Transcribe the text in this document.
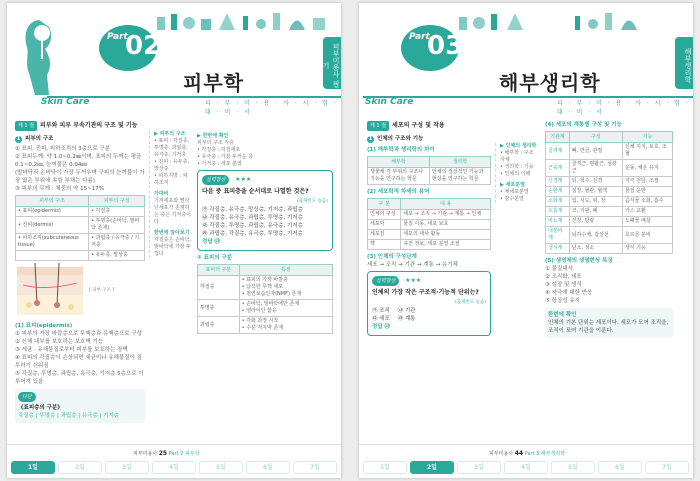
Part
02
피부학	피부미용사 필기
Skin Care	피 · 부 · 미 · 용 · 사 · 시 · 험 · 대 · 비 · 서
제 1 절	피부와 피부 부속기관의 구조 및 기능
1 피부의 구조

① 표피, 진피, 피하조직의 3층으로 구분

② 표피두께: 약 1.0~0.2㎜이며, 표피의 두께는 평균 0.1~0.2㎜, 눈꺼풀은 0.04㎜

(발바닥과 손바닥이 가장 두꺼우며 구피의 눈꺼풀이 가장 얇은 부위에 속함 부채는 다름)

③ 피부의 무게 : 체중의 약 15~17%

피부의 구조	피부의 구성
• 표피(epidermis)	• 각질층
• 진피(dermis)	• 투명층(손바닥, 발바닥 존재)
• 피하조직(subcutaneous tissue)	• 과립층 / 유극층 / 기저층
	• 유두층, 망상층
[ 피부 구조 ]
(1) 표피(epidermis)

① 피부의 가장 바깥층으로 무핵층과 유핵층으로 구성

② 신체 내부를 보호하는 보호벽 기능

③ 세균 · 유해물질로부터 피부를 보호하는 장벽

④ 표피의 각질층이 손상되면 세균이나 유해물질이 침투하기 쉬워짐

⑤ 각질층, 투명층, 과립층, 유극층, 기저층 5층으로 이루어져 있음

다단
《표피층의 구분》
각질층 | 투명층 | 과립층 | 유극층 | 기저층
▶ 피부의 구조
• 표피 : 각질층, 투명층, 과립층, 유극층, 기저층
• 진피 : 유두층, 망상층
• 피하지방 : 피하조직
가대비
기저세포와 멜라닌세포가 존재하는 층은 기저층이다
한번에 알아보기
각질층은 손바닥, 발바닥에 가장 두껍다
▶ 한번에 확인
피부의 구조 각층
• 각질층 : 각질세포
• 유극층 : 가장 두꺼운 층
• 기저층 : 세포 분열
실력향상 ★★★
다음 중 표피층을 순서대로 나열한 것은?
(출제빈도 높음)
㉮ 각질층, 유극층, 망상층, 기저층, 과립층
㉯ 각질층, 유극층, 과립층, 투명층, 기저층
㉰ 각질층, 투명층, 과립층, 유극층, 기저층
㉱ 과립층, 각질층, 유극층, 투명층, 기저층
정답 ㉰
③ 표피의 구분
표피의 구분	특징
각질층	• 표피의 가장 바깥층
• 납작한 무핵 세포
• 천연보습인자(NMF) 존재
투명층	• 손바닥, 발바닥에만 존재
• 엘라이딘 함유
과립층	• 각화 과정 시작
• 수분 저지막 존재
피부미용사 25 Part 2 피부학
1일	2일	3일	4일	5일	6일	7일
Part
03
해부생리학
해부생리학
Skin Care	피 · 부 · 미 · 용 · 사 · 시 · 험 · 대 · 비 · 서
제 1 절	세포의 구성 및 작용
1 인체의 구조와 기능
(1) 해부학과 생리학의 차이
해부학	생리학
생물체 각 부위의 구조나 기능을 연구하는 학문	인체의 정상적인 기능과 현상을 연구하는 학문
(2) 세포학적 차세의 용어
구 분	내 용
인체의 구성	세포 → 조직 → 기관 → 계통 → 인체
세포막	물질 이동, 세포 보호
세포질	세포의 대사 활동
핵	유전 정보, 세포 분열 조절
(3) 인체의 구성단계

세포 → 조직 → 기관 → 계통 → 유기체

실력향상 ★★★
인체의 가장 작은 구조적·기능적 단위는?
(출제빈도 높음)
㉮ 조직 ㉯ 기관
㉰ 세포 ㉱ 계통
정답 ㉰
▶ 인체의 생리학
• 해부학 : 구조 자체
• 생리학 : 기능
• 인체의 이해
▶ 세포분열
• 체세포분열
• 감수분열
(4) 세포의 계통별 구성 및 기능
기관계	구성	기능
골격계	뼈, 연골, 관절	신체 지지, 보호, 조혈
근육계	골격근, 평활근, 심장근	운동, 체온 유지
신경계	뇌, 척수, 신경	자극 전달, 조절
순환계	심장, 혈관, 혈액	물질 운반
소화계	입, 식도, 위, 장	음식물 소화, 흡수
호흡계	코, 기관, 폐	가스 교환
비뇨계	신장, 방광	노폐물 배설
내분비계	뇌하수체, 갑상선	호르몬 분비
생식계	난소, 정소	생식 기능
(5) 생명체의 생명현상 특징

① 물질대사

② 조직화, 세포

③ 성장 및 생식

④ 자극에 대한 반응

⑤ 항상성 유지

한번에 확인
인체의 기본 단위는 세포이다. 세포가 모여 조직을, 조직이 모여 기관을 이룬다.
피부미용사 44 Part 3 해부생리학
1일	2일	3일	4일	5일	6일	7일
